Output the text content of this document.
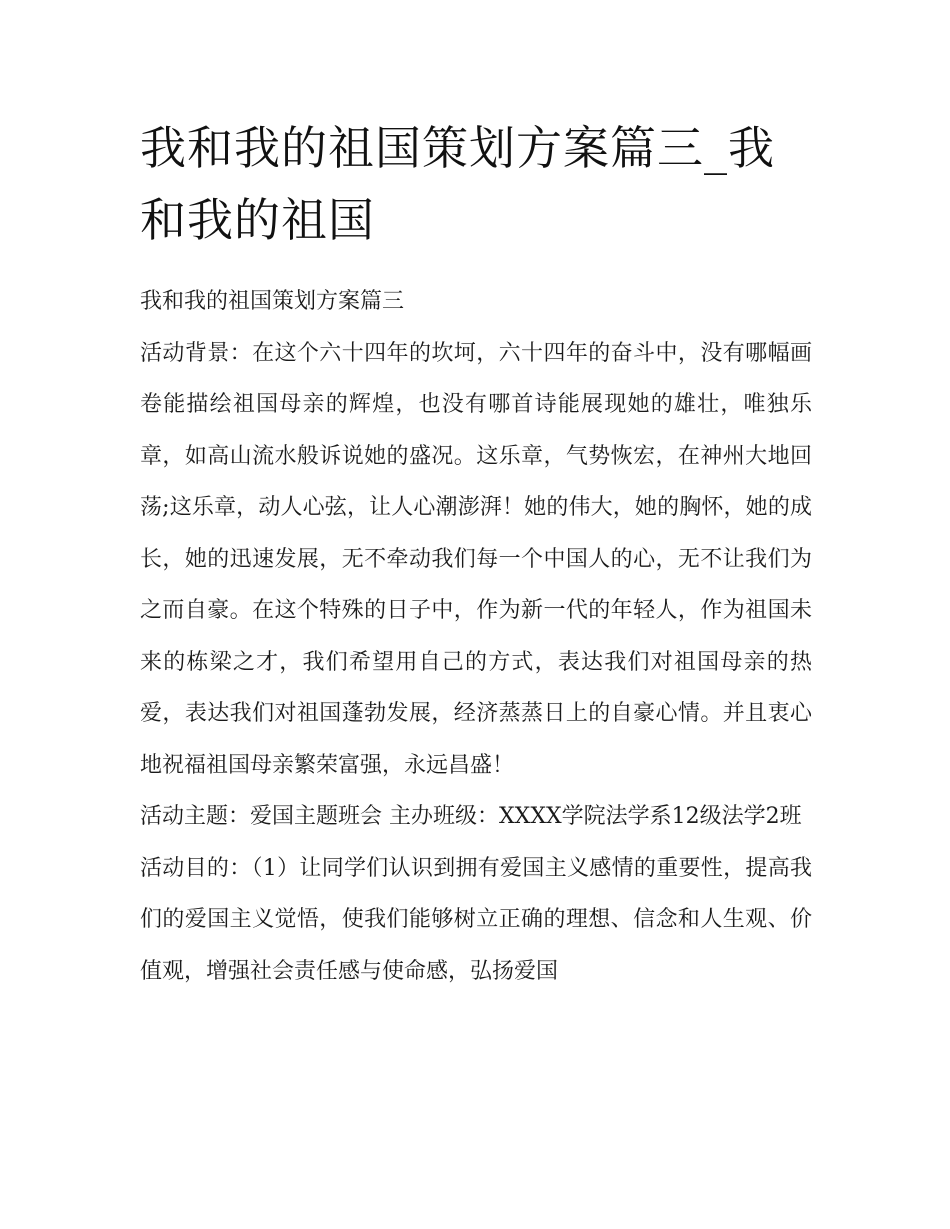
我和我的祖国策划方案篇三_我和我的祖国

我和我的祖国策划方案篇三

活动背景：在这个六十四年的坎坷，六十四年的奋斗中，没有哪幅画卷能描绘祖国母亲的辉煌，也没有哪首诗能展现她的雄壮，唯独乐章，如高山流水般诉说她的盛况。这乐章，气势恢宏，在神州大地回荡;这乐章，动人心弦，让人心潮澎湃！她的伟大，她的胸怀，她的成长，她的迅速发展，无不牵动我们每一个中国人的心，无不让我们为之而自豪。在这个特殊的日子中，作为新一代的年轻人，作为祖国未来的栋梁之才，我们希望用自己的方式，表达我们对祖国母亲的热爱，表达我们对祖国蓬勃发展，经济蒸蒸日上的自豪心情。并且衷心地祝福祖国母亲繁荣富强，永远昌盛！

活动主题：爱国主题班会 主办班级：XXXX学院法学系12级法学2班

活动目的：（1）让同学们认识到拥有爱国主义感情的重要性，提高我们的爱国主义觉悟，使我们能够树立正确的理想、信念和人生观、价值观，增强社会责任感与使命感，弘扬爱国
